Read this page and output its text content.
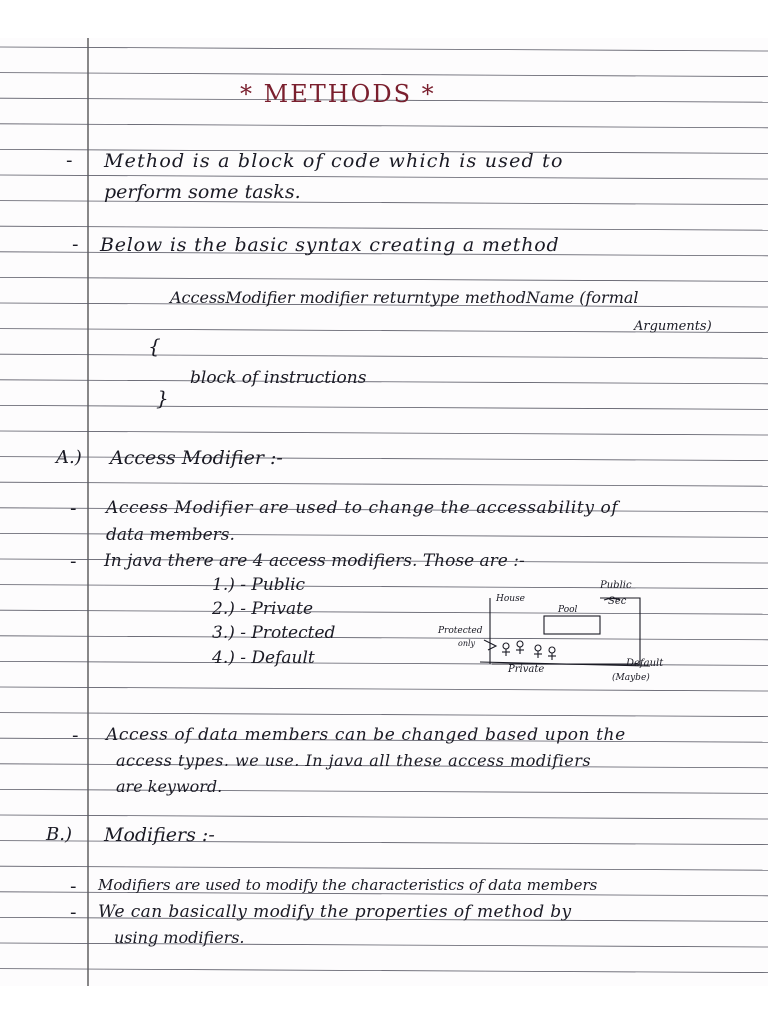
* METHODS *

- Method is a block of code which is used to

perform some tasks.

- Below is the basic syntax creating a method

AccessModifier modifier returntype methodName (formal

Arguments)

{

block of instructions

}

A.) Access Modifier :-

- Access Modifier are used to change the accessability of

data members.

- In java there are 4 access modifiers. Those are :-

1.) - Public

2.) - Private

3.) - Protected

4.) - Default

Public
Sec
House
Pool
Protected
only
Private
Default
(Maybe)
- Access of data members can be changed based upon the

access types. we use. In java all these access modifiers

are keyword.

B.) Modifiers :-

- Modifiers are used to modify the characteristics of data members

- We can basically modify the properties of method by

using modifiers.
